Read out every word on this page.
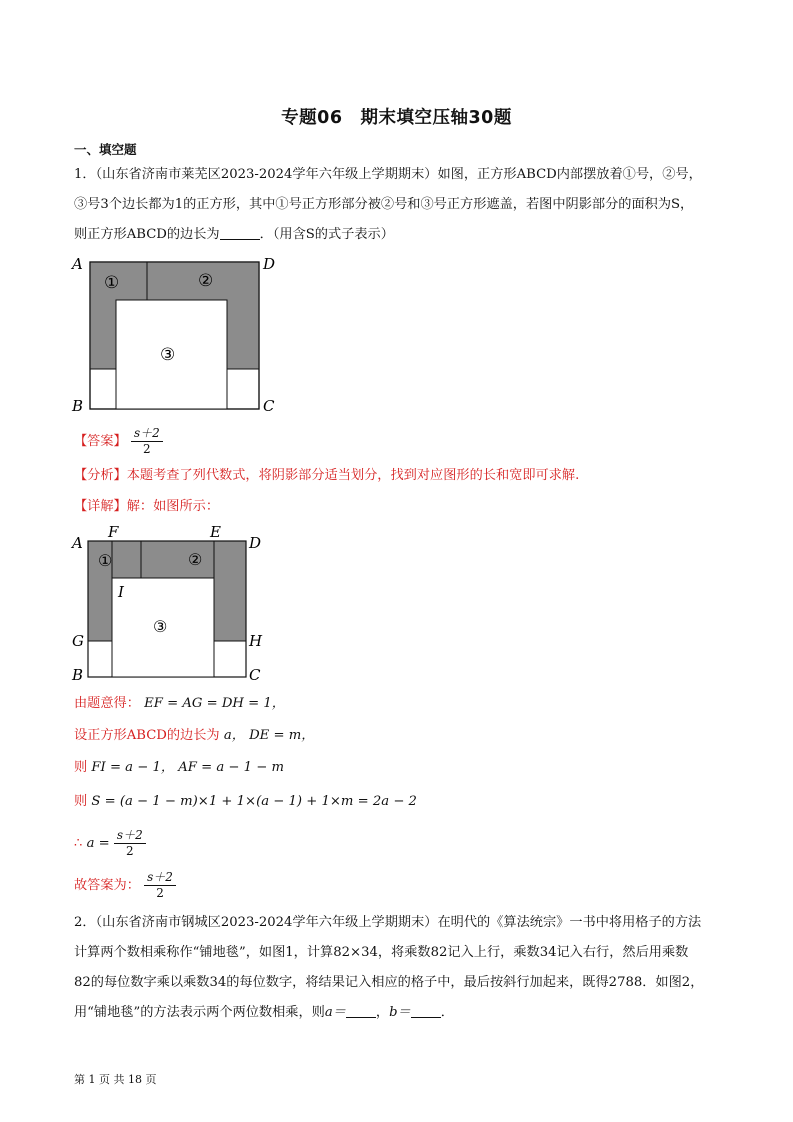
专题06　期末填空压轴30题
一、填空题
1．（山东省济南市莱芜区2023-2024学年六年级上学期期末）如图，正方形ABCD内部摆放着①号，②号，
③号3个边长都为1的正方形，其中①号正方形部分被②号和③号正方形遮盖，若图中阴影部分的面积为S，
则正方形ABCD的边长为	．（用含S的式子表示）
①	②
③
A	D
B	C
【答案】 $\frac{s+2}{2}$
【分析】本题考查了列代数式，将阴影部分适当划分，找到对应图形的长和宽即可求解.
【详解】解：如图所示：
①	②
③
A	D
F	E
I
G	H
B	C
由题意得： EF = AG = DH = 1，
设正方形ABCD的边长为 a， DE = m，
则 FI = a − 1， AF = a − 1 − m
则 S = (a − 1 − m)×1 + 1×(a − 1) + 1×m = 2a − 2
∴ $a = \frac{s+2}{2}$
故答案为： $\frac{s+2}{2}$
2．（山东省济南市钢城区2023-2024学年六年级上学期期末）在明代的《算法统宗》一书中将用格子的方法
计算两个数相乘称作“铺地毯”，如图1，计算82×34，将乘数82记入上行，乘数34记入右行，然后用乘数
82的每位数字乘以乘数34的每位数字，将结果记入相应的格子中，最后按斜行加起来，既得2788．如图2，
用“铺地毯”的方法表示两个两位数相乘，则a＝ ，b＝ ．
第 1 页 共 18 页
